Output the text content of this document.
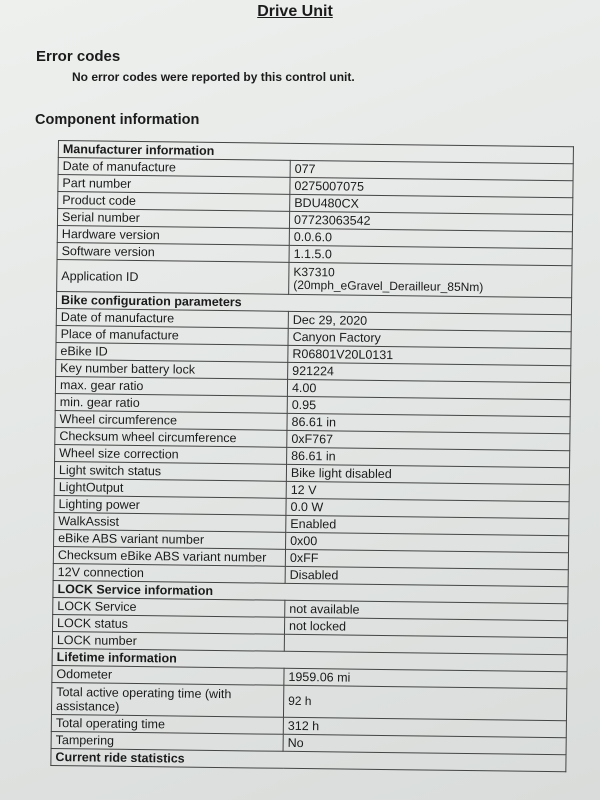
Drive Unit
Error codes
No error codes were reported by this control unit.
Component information
Manufacturer information	
Date of manufacture	077
Part number	0275007075
Product code	BDU480CX
Serial number	07723063542
Hardware version	0.0.6.0
Software version	1.1.5.0
Application ID	K37310
(20mph_eGravel_Derailleur_85Nm)
Bike configuration parameters	
Date of manufacture	Dec 29, 2020
Place of manufacture	Canyon Factory
eBike ID	R06801V20L0131
Key number battery lock	921224
max. gear ratio	4.00
min. gear ratio	0.95
Wheel circumference	86.61 in
Checksum wheel circumference	0xF767
Wheel size correction	86.61 in
Light switch status	Bike light disabled
LightOutput	12 V
Lighting power	0.0 W
WalkAssist	Enabled
eBike ABS variant number	0x00
Checksum eBike ABS variant number	0xFF
12V connection	Disabled
LOCK Service information	
LOCK Service	not available
LOCK status	not locked
LOCK number	
Lifetime information	
Odometer	1959.06 mi
Total active operating time (with assistance)	92 h
Total operating time	312 h
Tampering	No
Current ride statistics	
